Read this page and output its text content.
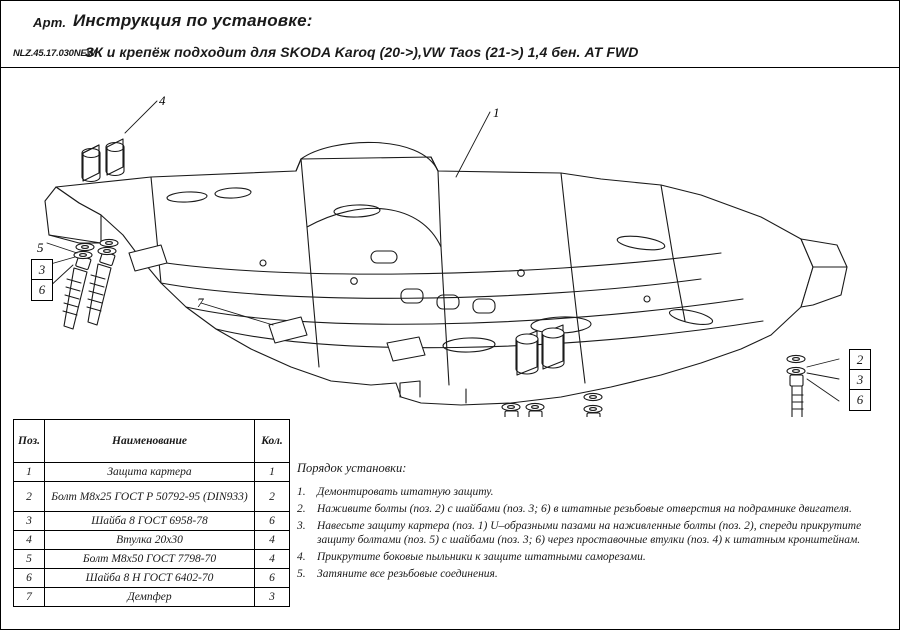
Арт. Инструкция по установке:
NLZ.45.17.030NEW
ЗК и крепёж подходит для SKODA Karoq (20->),VW Taos (21->) 1,4 бен. AT FWD
1
4
5
3
6
7
2
3
6
Поз.	Наименование	Кол.
1	Защита картера	1
2	Болт М8х25 ГОСТ Р 50792-95 (DIN933)	2
3	Шайба 8 ГОСТ 6958-78	6
4	Втулка 20х30	4
5	Болт М8х50 ГОСТ 7798-70	4
6	Шайба 8 Н ГОСТ 6402-70	6
7	Демпфер	3
Порядок установки:
1. Демонтировать штатную защиту.
2. Наживите болты (поз. 2) с шайбами (поз. 3; 6) в штатные резьбовые отверстия на подрамнике двигателя.
3. Навесьте защиту картера (поз. 1) U–образными пазами на наживленные болты (поз. 2), спереди прикрутите защиту болтами (поз. 5) с шайбами (поз. 3; 6) через проставочные втулки (поз. 4) к штатным кронштейнам.
4. Прикрутите боковые пыльники к защите штатными саморезами.
5. Затяните все резьбовые соединения.
